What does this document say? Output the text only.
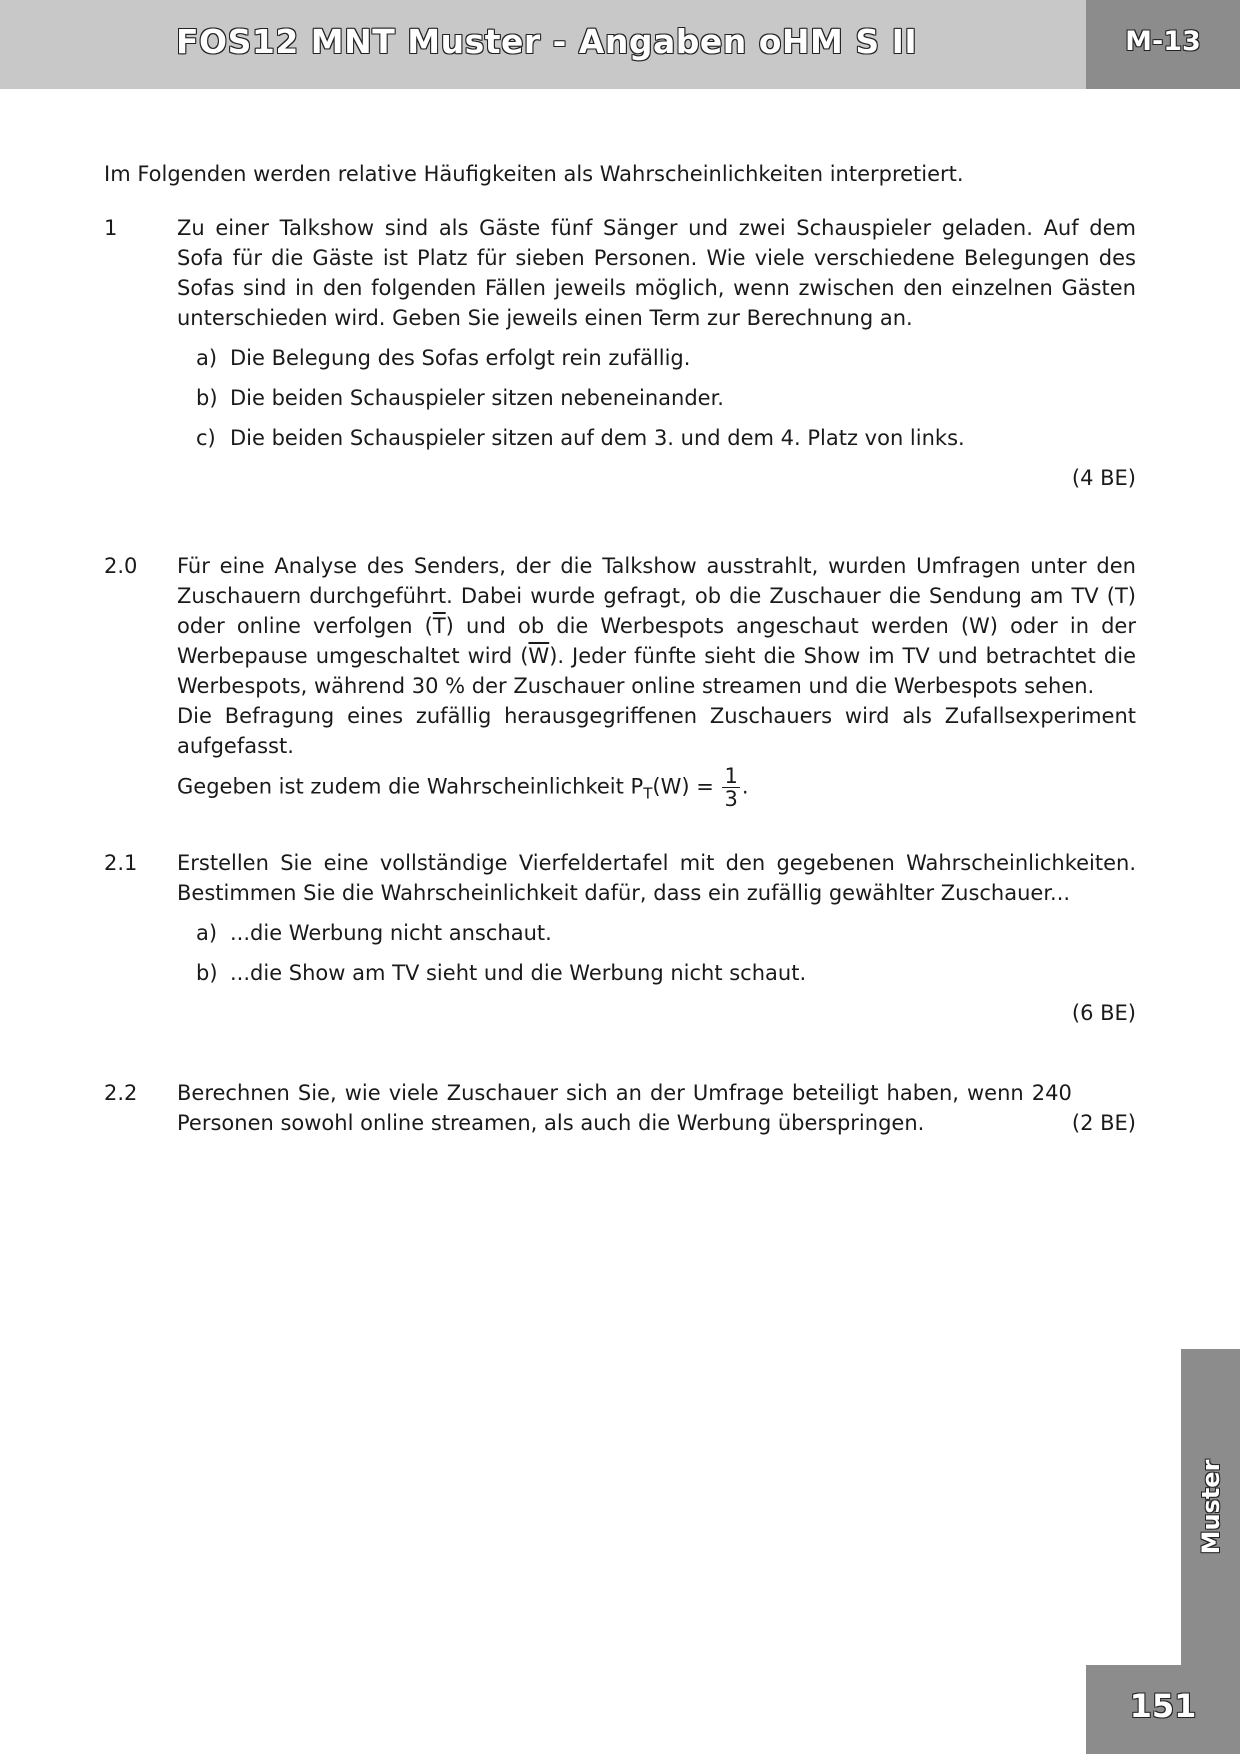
FOS12 MNT Muster - Angaben oHM S II	M-13
Muster
151

Im Folgenden werden relative Häufigkeiten als Wahrscheinlichkeiten interpretiert.

1	Zu einer Talkshow sind als Gäste fünf Sänger und zwei Schauspieler geladen. Auf dem Sofa für die Gäste ist Platz für sieben Personen. Wie viele verschiedene Belegungen des Sofas sind in den folgenden Fällen jeweils möglich, wenn zwischen den einzelnen Gästen unterschieden wird. Geben Sie jeweils einen Term zur Berechnung an.

a) Die Belegung des Sofas erfolgt rein zufällig.
b) Die beiden Schauspieler sitzen nebeneinander.
c) Die beiden Schauspieler sitzen auf dem 3. und dem 4. Platz von links.
(4 BE)
2.0 Für eine Analyse des Senders, der die Talkshow ausstrahlt, wurden Umfragen unter den Zuschauern durchgeführt. Dabei wurde gefragt, ob die Zuschauer die Sendung am TV (T) oder online verfolgen $(\overline{T})$ und ob die Werbespots angeschaut werden (W) oder in der Werbepause umgeschaltet wird $(\overline{W})$. Jeder fünfte sieht die Show im TV und betrachtet die Werbespots, während 30 % der Zuschauer online streamen und die Werbespots sehen.

Die Befragung eines zufällig herausgegriffenen Zuschauers wird als Zufallsexperiment aufgefasst.

Gegeben ist zudem die Wahrscheinlichkeit $P_T(W) = \frac{1}{3}$ .

2.1 Erstellen Sie eine vollständige Vierfeldertafel mit den gegebenen Wahrscheinlichkeiten. Bestimmen Sie die Wahrscheinlichkeit dafür, dass ein zufällig gewählter Zuschauer...

a) ...die Werbung nicht anschaut.
b) ...die Show am TV sieht und die Werbung nicht schaut.
(6 BE)
2.2

(2 BE)
Berechnen Sie, wie viele Zuschauer sich an der Umfrage beteiligt haben, wenn 240 Personen sowohl online streamen, als auch die Werbung überspringen.
